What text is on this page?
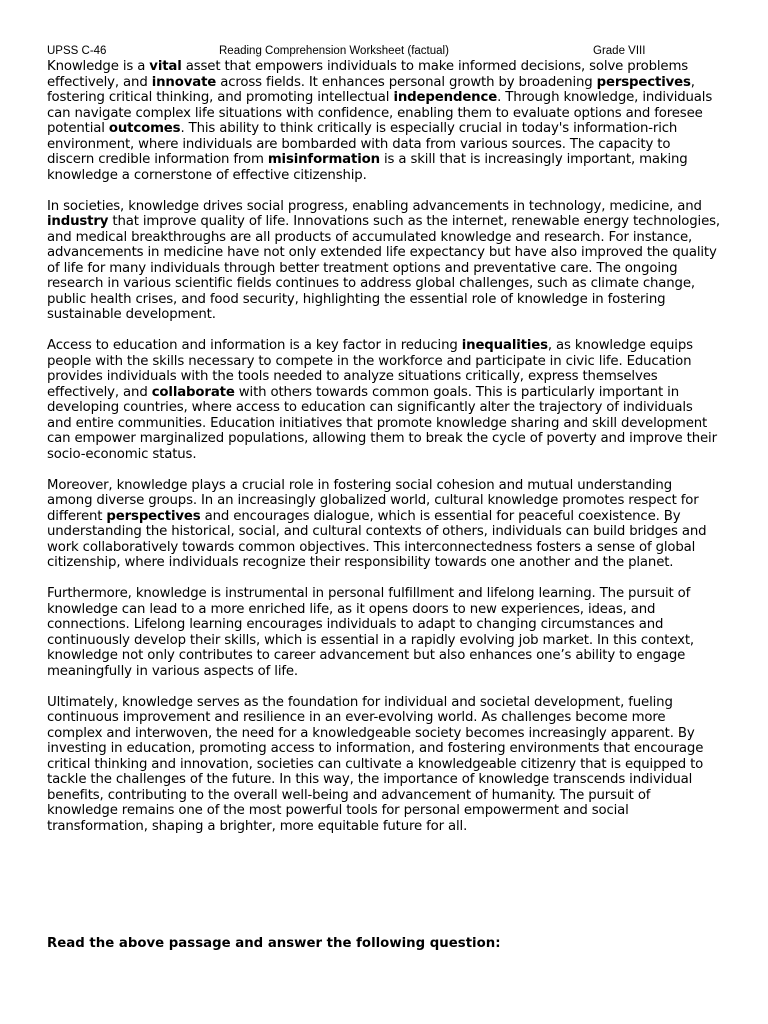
UPSS C-46	Reading Comprehension Worksheet (factual)	Grade VIII

Knowledge is a vital asset that empowers individuals to make informed decisions, solve problems effectively, and innovate across fields. It enhances personal growth by broadening perspectives, fostering critical thinking, and promoting intellectual independence. Through knowledge, individuals can navigate complex life situations with confidence, enabling them to evaluate options and foresee potential outcomes. This ability to think critically is especially crucial in today's information-rich environment, where individuals are bombarded with data from various sources. The capacity to discern credible information from misinformation is a skill that is increasingly important, making knowledge a cornerstone of effective citizenship.

In societies, knowledge drives social progress, enabling advancements in technology, medicine, and industry that improve quality of life. Innovations such as the internet, renewable energy technologies, and medical breakthroughs are all products of accumulated knowledge and research. For instance, advancements in medicine have not only extended life expectancy but have also improved the quality of life for many individuals through better treatment options and preventative care. The ongoing research in various scientific fields continues to address global challenges, such as climate change, public health crises, and food security, highlighting the essential role of knowledge in fostering sustainable development.

Access to education and information is a key factor in reducing inequalities, as knowledge equips people with the skills necessary to compete in the workforce and participate in civic life. Education provides individuals with the tools needed to analyze situations critically, express themselves effectively, and collaborate with others towards common goals. This is particularly important in developing countries, where access to education can significantly alter the trajectory of individuals and entire communities. Education initiatives that promote knowledge sharing and skill development can empower marginalized populations, allowing them to break the cycle of poverty and improve their socio-economic status.

Moreover, knowledge plays a crucial role in fostering social cohesion and mutual understanding among diverse groups. In an increasingly globalized world, cultural knowledge promotes respect for different perspectives and encourages dialogue, which is essential for peaceful coexistence. By understanding the historical, social, and cultural contexts of others, individuals can build bridges and work collaboratively towards common objectives. This interconnectedness fosters a sense of global citizenship, where individuals recognize their responsibility towards one another and the planet.

Furthermore, knowledge is instrumental in personal fulfillment and lifelong learning. The pursuit of knowledge can lead to a more enriched life, as it opens doors to new experiences, ideas, and connections. Lifelong learning encourages individuals to adapt to changing circumstances and continuously develop their skills, which is essential in a rapidly evolving job market. In this context, knowledge not only contributes to career advancement but also enhances one’s ability to engage meaningfully in various aspects of life.

Ultimately, knowledge serves as the foundation for individual and societal development, fueling continuous improvement and resilience in an ever-evolving world. As challenges become more complex and interwoven, the need for a knowledgeable society becomes increasingly apparent. By investing in education, promoting access to information, and fostering environments that encourage critical thinking and innovation, societies can cultivate a knowledgeable citizenry that is equipped to tackle the challenges of the future. In this way, the importance of knowledge transcends individual benefits, contributing to the overall well-being and advancement of humanity. The pursuit of knowledge remains one of the most powerful tools for personal empowerment and social transformation, shaping a brighter, more equitable future for all.

Read the above passage and answer the following question:
